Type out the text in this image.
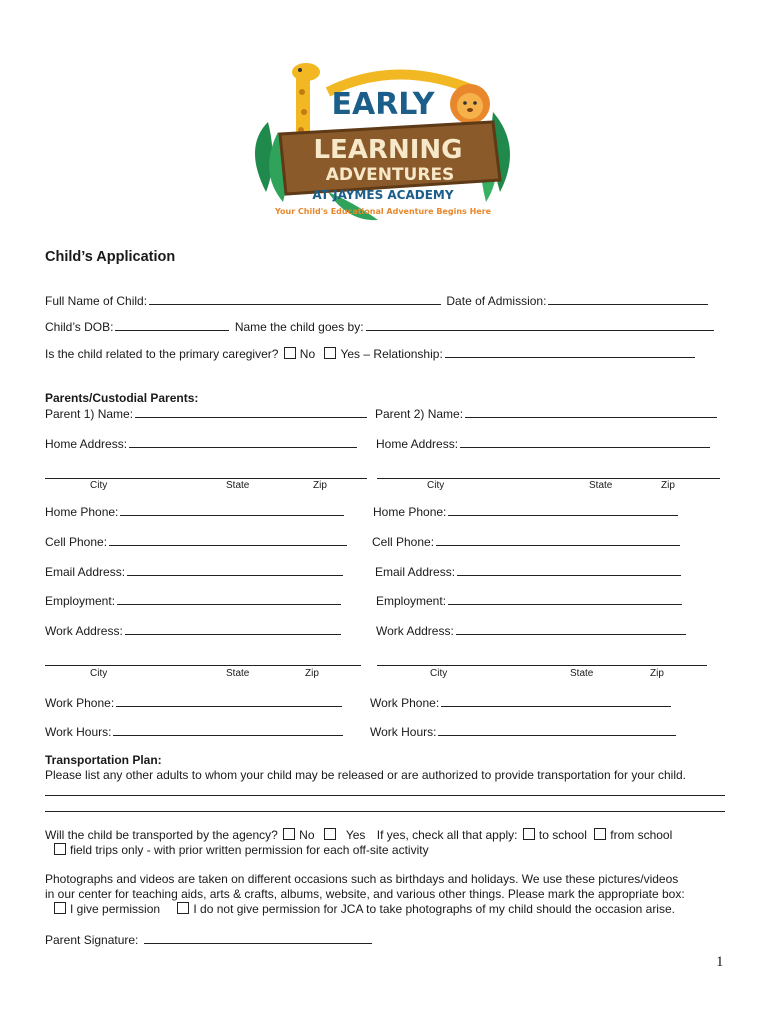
EARLY
LEARNING
ADVENTURES
AT JAYMES ACADEMY
Your Child's Educational Adventure Begins Here
Child’s Application
Full Name of Child:	Date of Admission:
Child’s DOB:	Name the child goes by:
Is the child related to the primary caregiver? No Yes – Relationship:
Parents/Custodial Parents:
Parent 1) Name:	Parent 2) Name:
Home Address:	Home Address:
City	State	Zip	City	State	Zip
Home Phone:	Home Phone:
Cell Phone:	Cell Phone:
Email Address:	Email Address:
Employment:	Employment:
Work Address:	Work Address:
City	State	Zip	City	State	Zip
Work Phone:	Work Phone:
Work Hours:	Work Hours:
Transportation Plan:
Please list any other adults to whom your child may be released or are authorized to provide transportation for your child.
Will the child be transported by the agency? No	Yes If yes, check all that apply: to school from school
field trips only - with prior written permission for each off-site activity
Photographs and videos are taken on different occasions such as birthdays and holidays. We use these pictures/videos
in our center for teaching aids, arts & crafts, albums, website, and various other things. Please mark the appropriate box:
I give permission	I do not give permission for JCA to take photographs of my child should the occasion arise.
Parent Signature:
1
